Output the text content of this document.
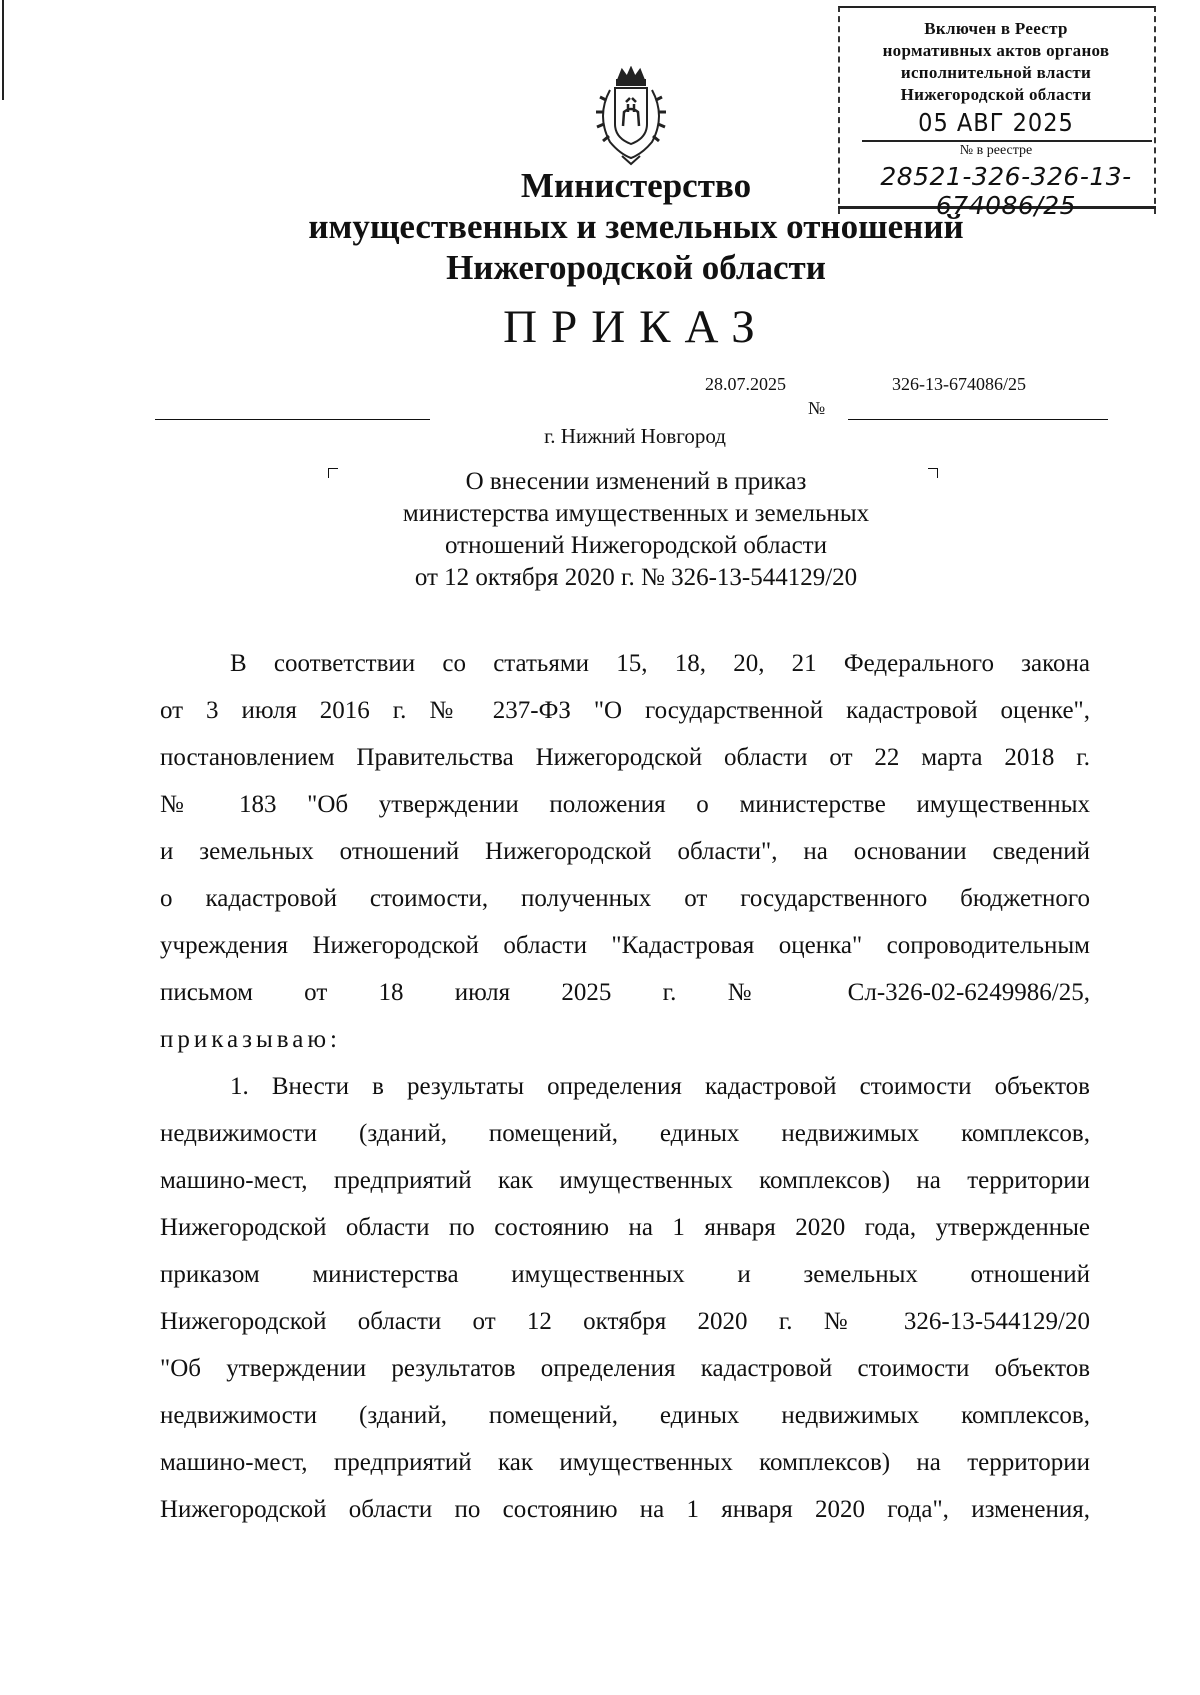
Включен в Реестр
нормативных актов органов
исполнительной власти
Нижегородской области
05 АВГ 2025
№ в реестре
28521-326-326-13-674086/25
Министерство
имущественных и земельных отношений
Нижегородской области
ПРИКАЗ
28.07.2025
№
326-13-674086/25
г. Нижний Новгород
О внесении изменений в приказ
министерства имущественных и земельных
отношений Нижегородской области
от 12 октября 2020 г. № 326-13-544129/20

В соответствии со статьями 15, 18, 20, 21 Федерального закона

от 3 июля 2016 г. № 237-ФЗ "О государственной кадастровой оценке",

постановлением Правительства Нижегородской области от 22 марта 2018 г.

№ 183 "Об утверждении положения о министерстве имущественных

и земельных отношений Нижегородской области", на основании сведений

о кадастровой стоимости, полученных от государственного бюджетного

учреждения Нижегородской области "Кадастровая оценка" сопроводительным

письмом от 18 июля 2025 г. № Сл-326-02-6249986/25,

приказываю:

1. Внести в результаты определения кадастровой стоимости объектов

недвижимости (зданий, помещений, единых недвижимых комплексов,

машино-мест, предприятий как имущественных комплексов) на территории

Нижегородской области по состоянию на 1 января 2020 года, утвержденные

приказом министерства имущественных и земельных отношений

Нижегородской области от 12 октября 2020 г. № 326-13-544129/20

"Об утверждении результатов определения кадастровой стоимости объектов

недвижимости (зданий, помещений, единых недвижимых комплексов,

машино-мест, предприятий как имущественных комплексов) на территории

Нижегородской области по состоянию на 1 января 2020 года", изменения,
